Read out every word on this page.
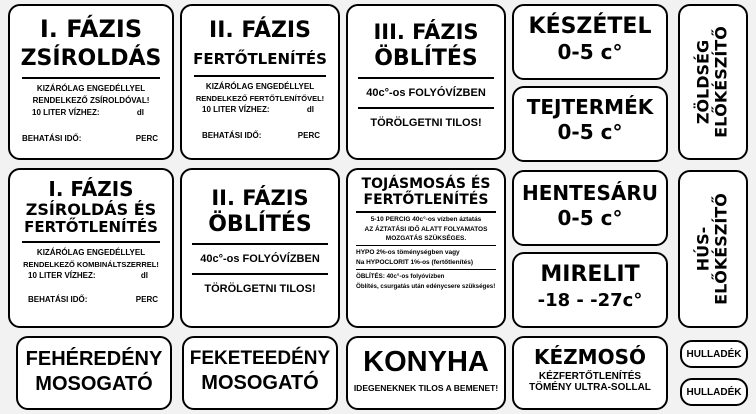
I. FÁZIS
ZSÍROLDÁS
KIZÁRÓLAG ENGEDÉLLYEL
RENDELKEZŐ ZSÍROLDÓVAL!
10 LITER VÍZHEZ:	dl
BEHATÁSI IDŐ:	PERC
II. FÁZIS
FERTŐTLENÍTÉS
KIZÁRÓLAG ENGEDÉLLYEL
RENDELKEZŐ FERTŐTLENÍTŐVEL!
10 LITER VÍZHEZ:	dl
BEHATÁSI IDŐ:	PERC
III. FÁZIS
ÖBLÍTÉS
40c°-os FOLYÓVÍZBEN
TÖRÖLGETNI TILOS!
KÉSZÉTEL
0-5 c°
TEJTERMÉK
0-5 c°
ZÖLDSÉG ELŐKÉSZÍTŐ
I. FÁZIS
ZSÍROLDÁS ÉS
FERTŐTLENÍTÉS
KIZÁRÓLAG ENGEDÉLLYEL
RENDELKEZŐ KOMBINÁLTSZERREL!
10 LITER VÍZHEZ:	dl
BEHATÁSI IDŐ:	PERC
II. FÁZIS
ÖBLÍTÉS
40c°-os FOLYÓVÍZBEN
TÖRÖLGETNI TILOS!
TOJÁSMOSÁS ÉS
FERTŐTLENÍTÉS
5-10 PERCIG 40c°-os vízben áztatás
AZ ÁZTATÁSI IDŐ ALATT FOLYAMATOS
MOZGATÁS SZÜKSÉGES.
HYPO 2%-os töménységben vagy
Na HYPOCLORIT 1%-os (fertőtlenítés)
ÖBLÍTÉS: 40c°-os folyóvízben
Öblítés, csurgatás után edénycsere szükséges!
HENTESÁRU
0-5 c°
MIRELIT
-18 - -27c°
HÚS- ELŐKÉSZÍTŐ
FEHÉREDÉNY
MOSOGATÓ
FEKETEEDÉNY
MOSOGATÓ
KONYHA
IDEGENEKNEK TILOS A BEMENET!
KÉZMOSÓ
KÉZFERTŐTLENÍTÉS
TÖMÉNY ULTRA-SOLLAL
HULLADÉK
HULLADÉK
